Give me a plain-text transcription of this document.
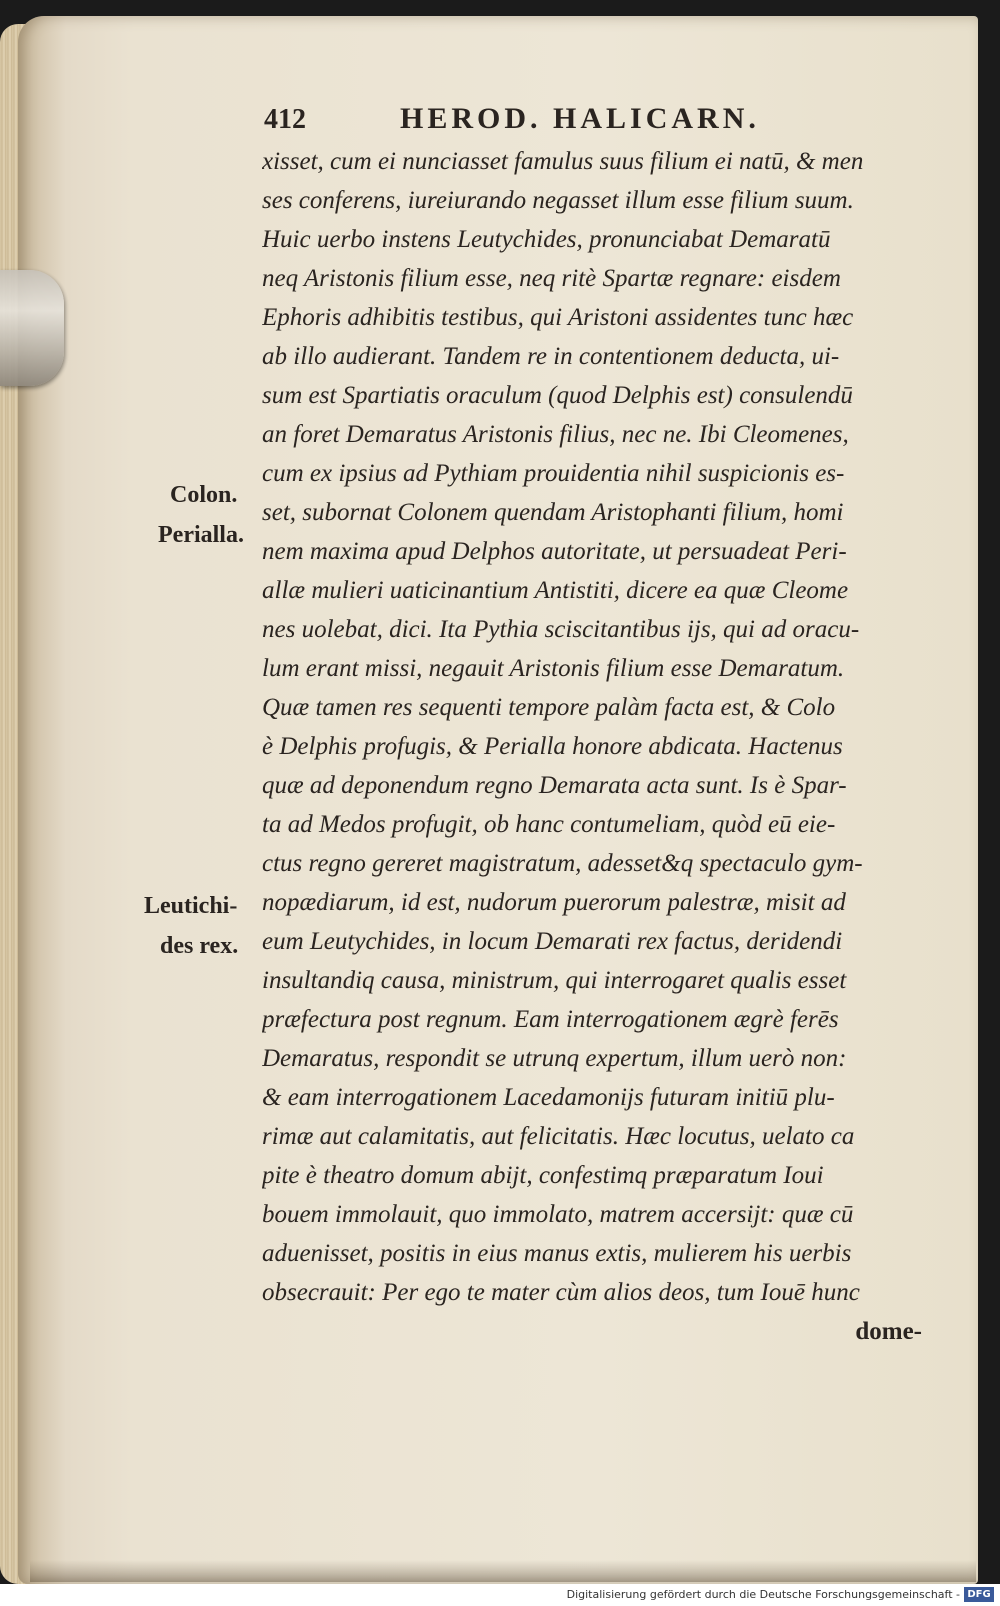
412	HEROD. HALICARN.
xisset, cum ei nunciasset famulus suus filium ei natū, & men
ses conferens, iureiurando negasset illum esse filium suum.
Huic uerbo instens Leutychides, pronunciabat Demaratū
neq Aristonis filium esse, neq ritè Spartæ regnare: eisdem
Ephoris adhibitis testibus, qui Aristoni assidentes tunc hæc
ab illo audierant. Tandem re in contentionem deducta, ui-
sum est Spartiatis oraculum (quod Delphis est) consulendū
an foret Demaratus Aristonis filius, nec ne. Ibi Cleomenes,
cum ex ipsius ad Pythiam prouidentia nihil suspicionis es-
set, subornat Colonem quendam Aristophanti filium, homi
nem maxima apud Delphos autoritate, ut persuadeat Peri-
allæ mulieri uaticinantium Antistiti, dicere ea quæ Cleome
nes uolebat, dici. Ita Pythia sciscitantibus ijs, qui ad oracu-
lum erant missi, negauit Aristonis filium esse Demaratum.
Quæ tamen res sequenti tempore palàm facta est, & Colo
è Delphis profugis, & Perialla honore abdicata. Hactenus
quæ ad deponendum regno Demarata acta sunt. Is è Spar-
ta ad Medos profugit, ob hanc contumeliam, quòd eū eie-
ctus regno gereret magistratum, adesset&q spectaculo gym-
nopædiarum, id est, nudorum puerorum palestræ, misit ad
eum Leutychides, in locum Demarati rex factus, deridendi
insultandiq causa, ministrum, qui interrogaret qualis esset
præfectura post regnum. Eam interrogationem ægrè ferēs
Demaratus, respondit se utrunq expertum, illum uerò non:
& eam interrogationem Lacedamonijs futuram initiū plu-
rimæ aut calamitatis, aut felicitatis. Hæc locutus, uelato ca
pite è theatro domum abijt, confestimq præparatum Ioui
bouem immolauit, quo immolato, matrem accersijt: quæ cū
aduenisset, positis in eius manus extis, mulierem his uerbis
obsecrauit: Per ego te mater cùm alios deos, tum Iouē hunc
dome-
Colon.
Perialla.
Leutichi-
des rex.
Digitalisierung gefördert durch die Deutsche Forschungsgemeinschaft - DFG
